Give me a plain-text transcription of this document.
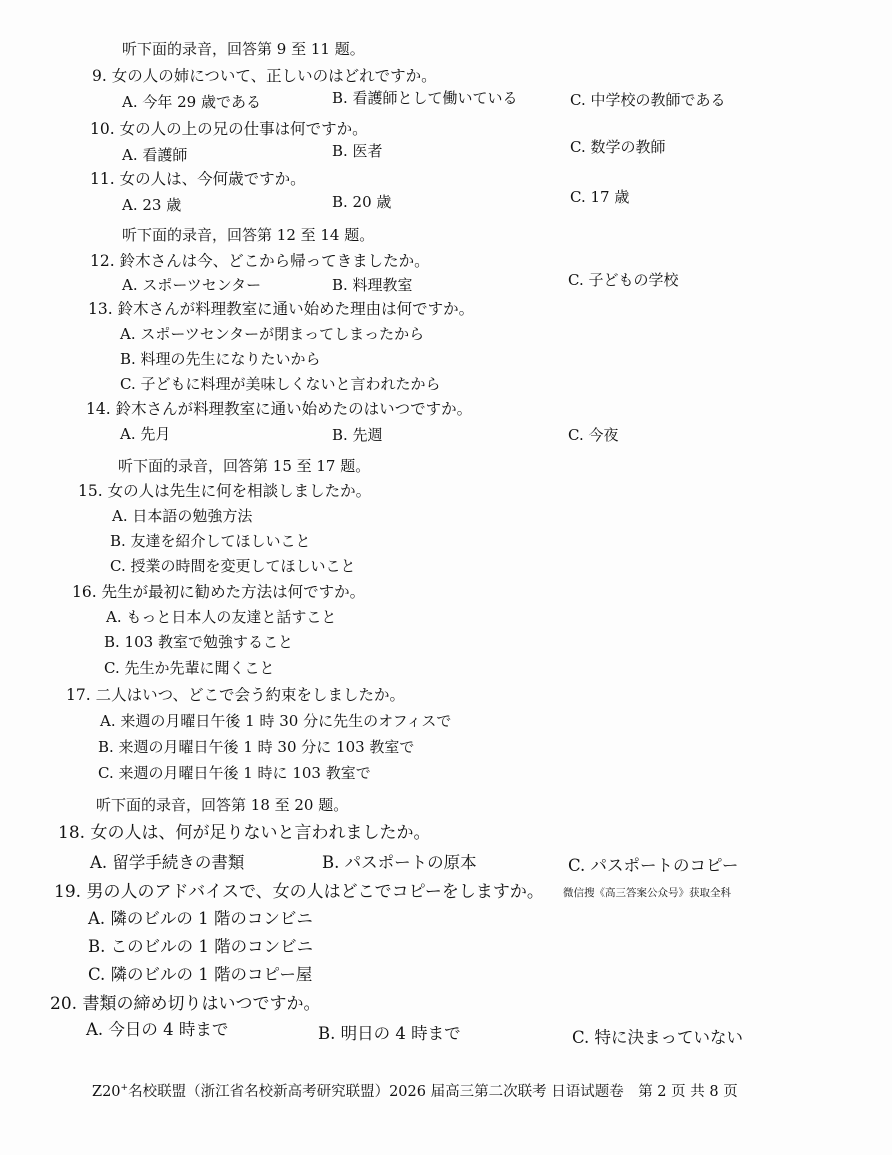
听下面的录音，回答第 9 至 11 题。
9. 女の人の姉について、正しいのはどれですか。
A. 今年 29 歳である	B. 看護師として働いている	C. 中学校の教師である
10. 女の人の上の兄の仕事は何ですか。
A. 看護師	B. 医者	C. 数学の教師
11. 女の人は、今何歳ですか。
A. 23 歳	B. 20 歳	C. 17 歳
听下面的录音，回答第 12 至 14 题。
12. 鈴木さんは今、どこから帰ってきましたか。
A. スポーツセンター	B. 料理教室	C. 子どもの学校
13. 鈴木さんが料理教室に通い始めた理由は何ですか。
A. スポーツセンターが閉まってしまったから
B. 料理の先生になりたいから
C. 子どもに料理が美味しくないと言われたから
14. 鈴木さんが料理教室に通い始めたのはいつですか。
A. 先月	B. 先週	C. 今夜
听下面的录音，回答第 15 至 17 题。
15. 女の人は先生に何を相談しましたか。
A. 日本語の勉強方法
B. 友達を紹介してほしいこと
C. 授業の時間を変更してほしいこと
16. 先生が最初に勧めた方法は何ですか。
A. もっと日本人の友達と話すこと
B. 103 教室で勉強すること
C. 先生か先輩に聞くこと
17. 二人はいつ、どこで会う約束をしましたか。
A. 来週の月曜日午後 1 時 30 分に先生のオフィスで
B. 来週の月曜日午後 1 時 30 分に 103 教室で
C. 来週の月曜日午後 1 時に 103 教室で
听下面的录音，回答第 18 至 20 题。
18. 女の人は、何が足りないと言われましたか。
A. 留学手続きの書類	B. パスポートの原本	C. パスポートのコピー
19. 男の人のアドバイスで、女の人はどこでコピーをしますか。 微信搜《高三答案公众号》获取全科
A. 隣のビルの 1 階のコンビニ
B. このビルの 1 階のコンビニ
C. 隣のビルの 1 階のコピー屋
20. 書類の締め切りはいつですか。
A. 今日の 4 時まで	B. 明日の 4 時まで	C. 特に決まっていない
Z20+名校联盟（浙江省名校新高考研究联盟）2026 届高三第二次联考 日语试题卷　第 2 页 共 8 页
